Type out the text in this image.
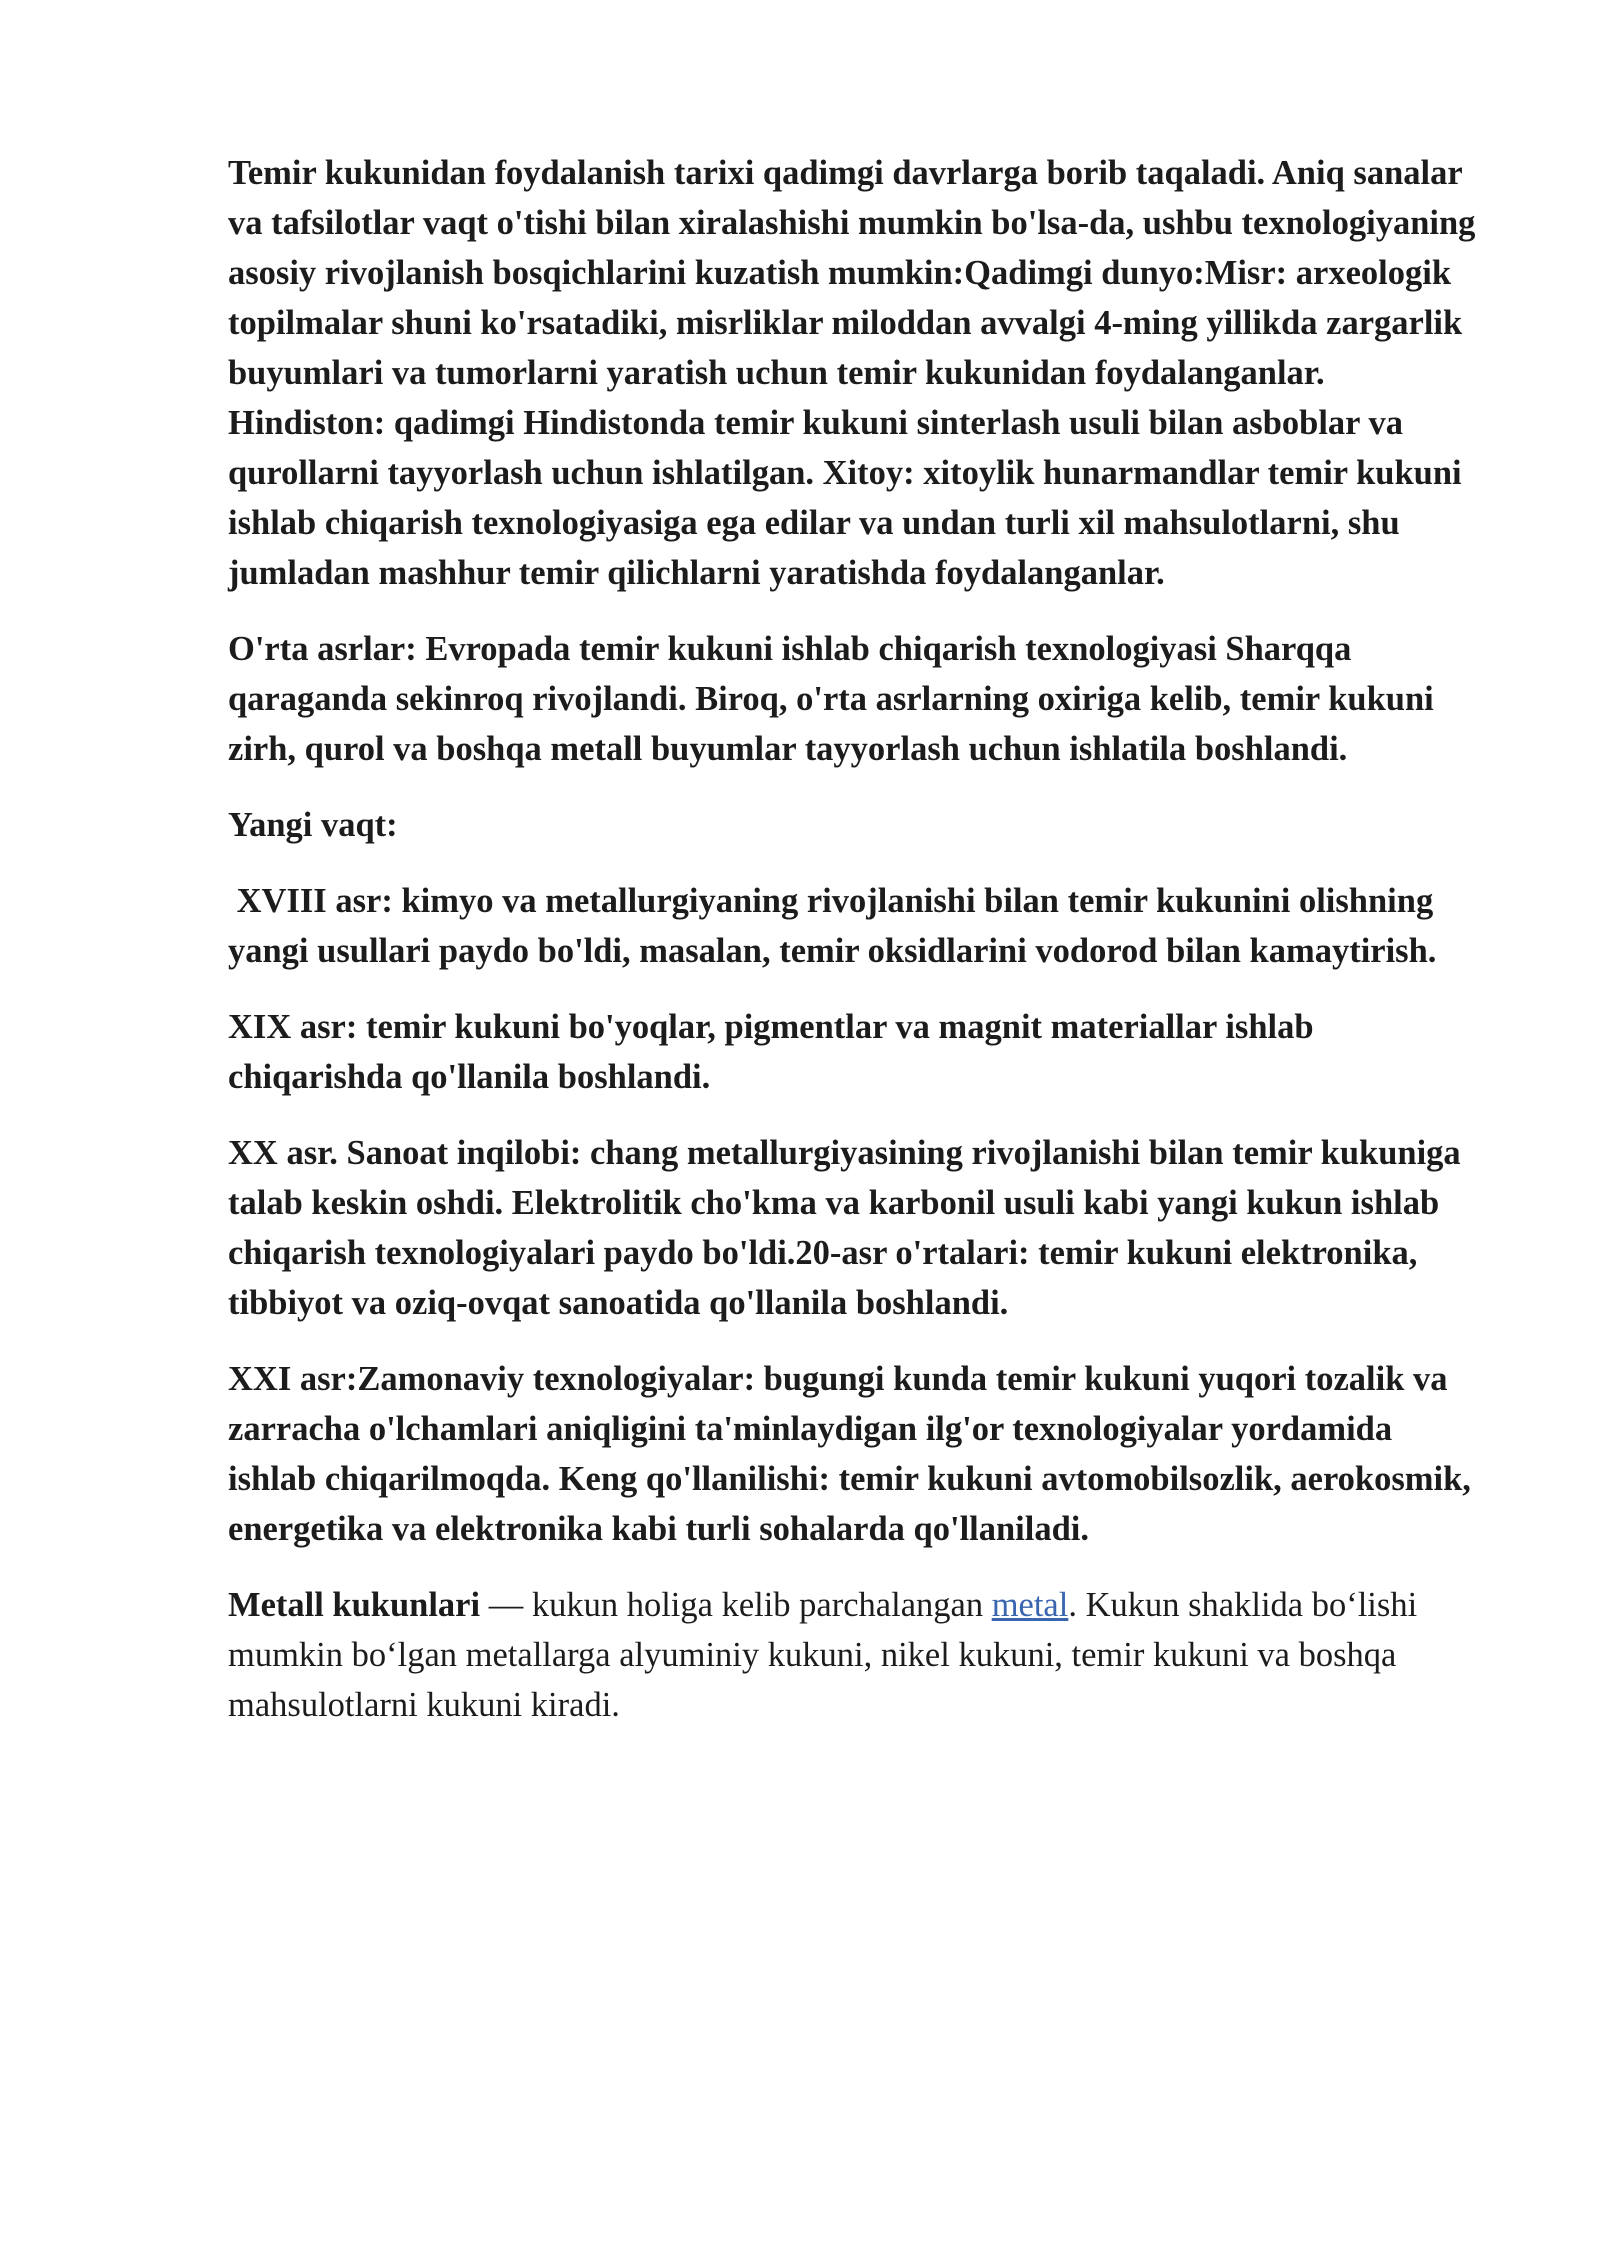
Temir kukunidan foydalanish tarixi qadimgi davrlarga borib taqaladi. Aniq sanalar va tafsilotlar vaqt o'tishi bilan xiralashishi mumkin bo'lsa-da, ushbu texnologiyaning asosiy rivojlanish bosqichlarini kuzatish mumkin:Qadimgi dunyo:Misr: arxeologik topilmalar shuni ko'rsatadiki, misrliklar miloddan avvalgi 4-ming yillikda zargarlik buyumlari va tumorlarni yaratish uchun temir kukunidan foydalanganlar. Hindiston: qadimgi Hindistonda temir kukuni sinterlash usuli bilan asboblar va qurollarni tayyorlash uchun ishlatilgan. Xitoy: xitoylik hunarmandlar temir kukuni ishlab chiqarish texnologiyasiga ega edilar va undan turli xil mahsulotlarni, shu jumladan mashhur temir qilichlarni yaratishda foydalanganlar.

O'rta asrlar: Evropada temir kukuni ishlab chiqarish texnologiyasi Sharqqa qaraganda sekinroq rivojlandi. Biroq, o'rta asrlarning oxiriga kelib, temir kukuni zirh, qurol va boshqa metall buyumlar tayyorlash uchun ishlatila boshlandi.

Yangi vaqt:

XVIII asr: kimyo va metallurgiyaning rivojlanishi bilan temir kukunini olishning yangi usullari paydo bo'ldi, masalan, temir oksidlarini vodorod bilan kamaytirish.

XIX asr: temir kukuni bo'yoqlar, pigmentlar va magnit materiallar ishlab chiqarishda qo'llanila boshlandi.

XX asr. Sanoat inqilobi: chang metallurgiyasining rivojlanishi bilan temir kukuniga talab keskin oshdi. Elektrolitik cho'kma va karbonil usuli kabi yangi kukun ishlab chiqarish texnologiyalari paydo bo'ldi.20-asr o'rtalari: temir kukuni elektronika, tibbiyot va oziq-ovqat sanoatida qo'llanila boshlandi.

XXI asr:Zamonaviy texnologiyalar: bugungi kunda temir kukuni yuqori tozalik va zarracha o'lchamlari aniqligini ta'minlaydigan ilg'or texnologiyalar yordamida ishlab chiqarilmoqda. Keng qo'llanilishi: temir kukuni avtomobilsozlik, aerokosmik, energetika va elektronika kabi turli sohalarda qo'llaniladi.

Metall kukunlari — kukun holiga kelib parchalangan metal. Kukun shaklida boʻlishi mumkin boʻlgan metallarga alyuminiy kukuni, nikel kukuni, temir kukuni va boshqa mahsulotlarni kukuni kiradi.
